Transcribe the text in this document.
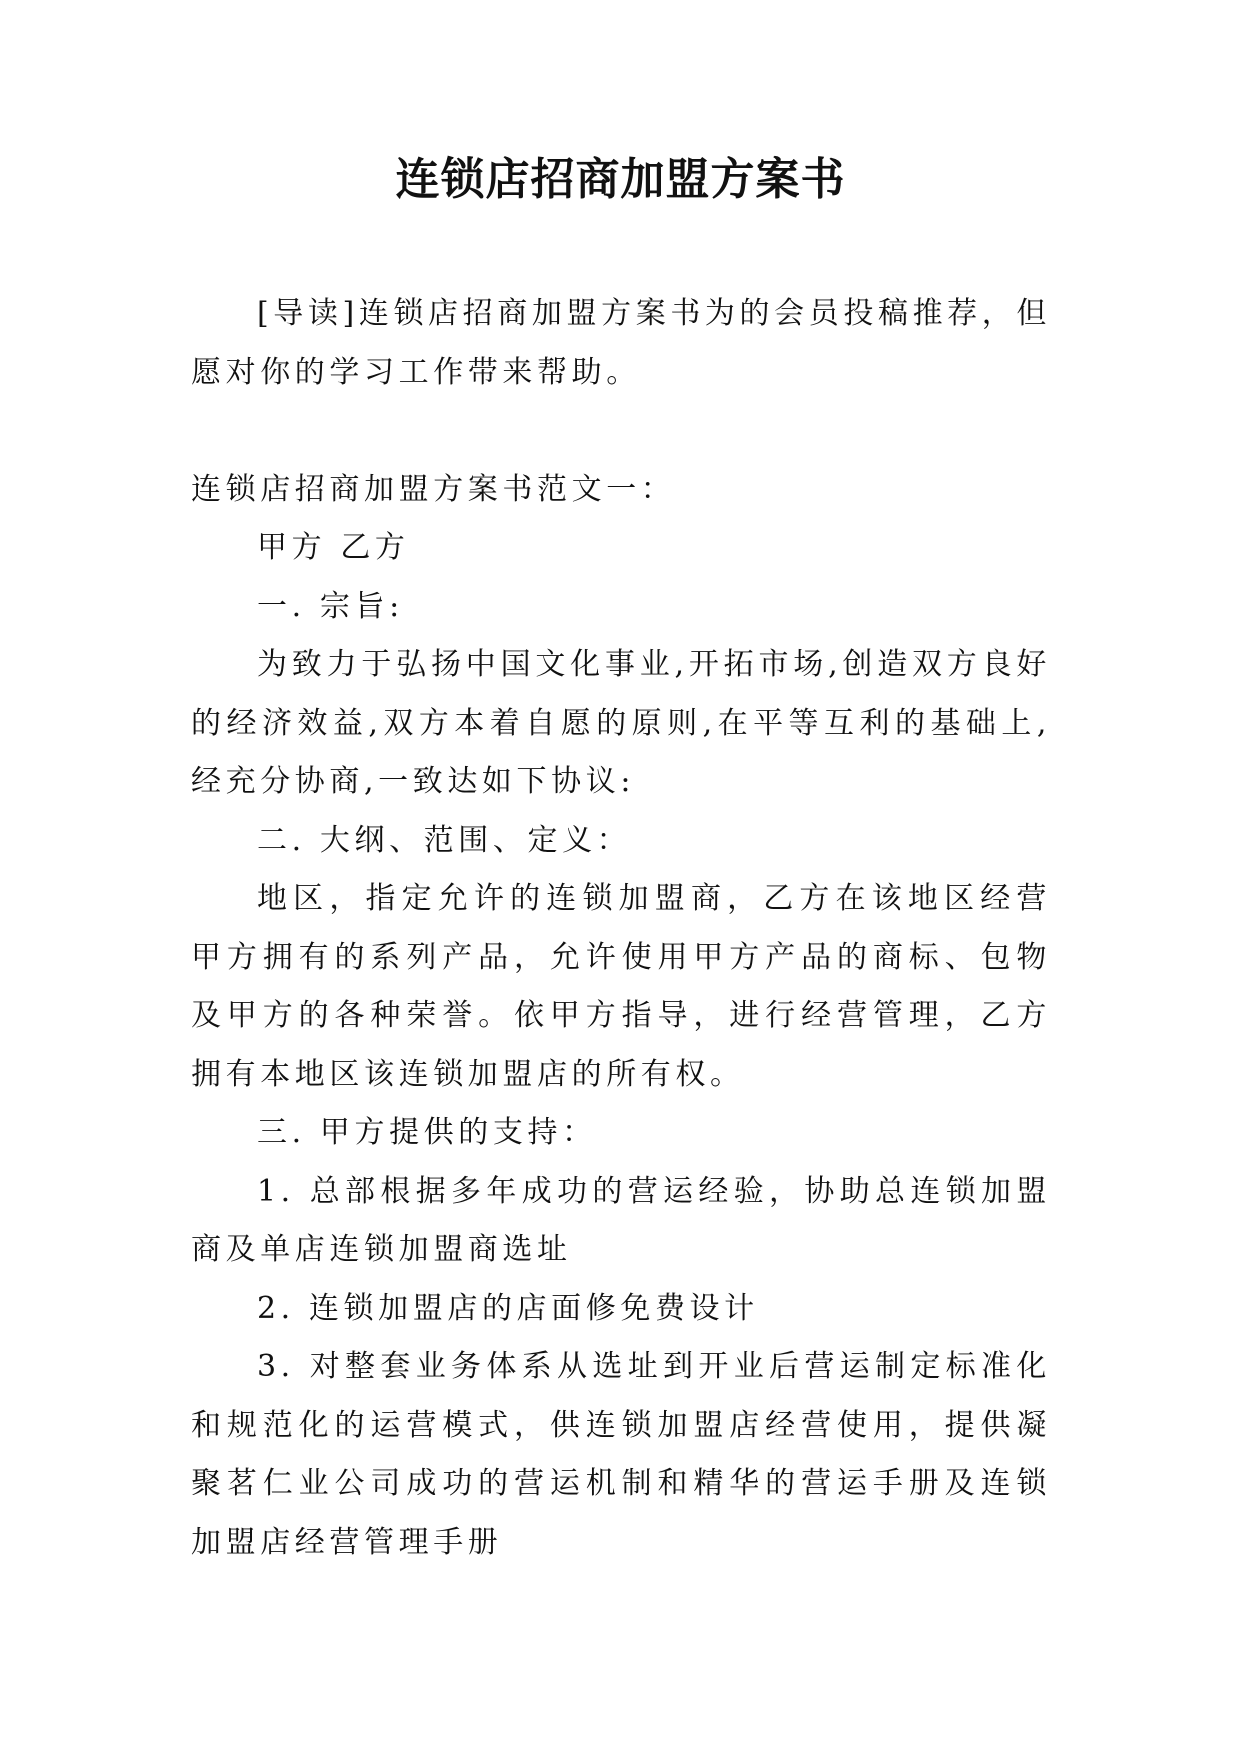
连锁店招商加盟方案书

[导读]连锁店招商加盟方案书为的会员投稿推荐，但愿对你的学习工作带来帮助。

连锁店招商加盟方案书范文一：

甲方 乙方

一. 宗旨:

为致力于弘扬中国文化事业,开拓市场,创造双方良好的经济效益,双方本着自愿的原则,在平等互利的基础上,经充分协商,一致达如下协议:

二. 大纲、范围、定义：

地区，指定允许的连锁加盟商，乙方在该地区经营甲方拥有的系列产品，允许使用甲方产品的商标、包物及甲方的各种荣誉。依甲方指导，进行经营管理，乙方拥有本地区该连锁加盟店的所有权。

三. 甲方提供的支持：

1. 总部根据多年成功的营运经验，协助总连锁加盟商及单店连锁加盟商选址

2. 连锁加盟店的店面修免费设计

3. 对整套业务体系从选址到开业后营运制定标准化和规范化的运营模式，供连锁加盟店经营使用，提供凝聚茗仁业公司成功的营运机制和精华的营运手册及连锁加盟店经营管理手册
